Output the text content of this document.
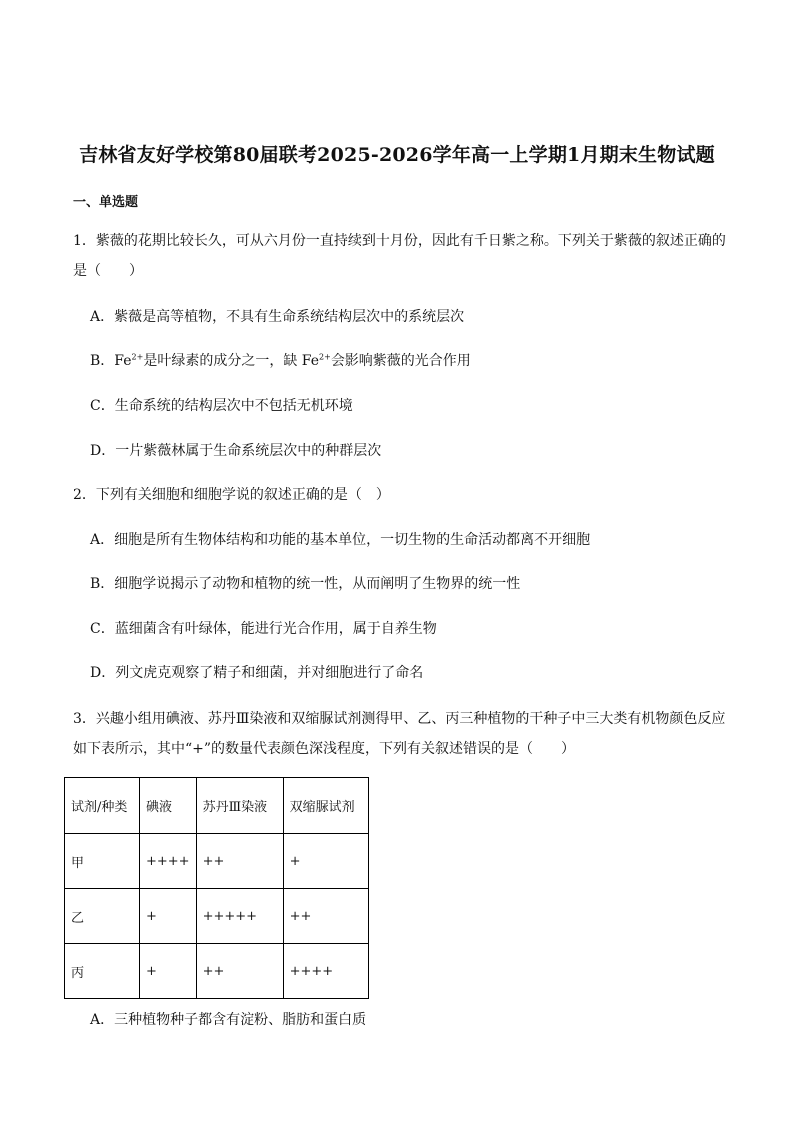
吉林省友好学校第80届联考2025-2026学年高一上学期1月期末生物试题
一、单选题
1．紫薇的花期比较长久，可从六月份一直持续到十月份，因此有千日紫之称。下列关于紫薇的叙述正确的
是（　　）
A．紫薇是高等植物，不具有生命系统结构层次中的系统层次
B．$Fe^{2+}$是叶绿素的成分之一，缺 $Fe^{2+}$会影响紫薇的光合作用
C．生命系统的结构层次中不包括无机环境
D．一片紫薇林属于生命系统层次中的种群层次
2．下列有关细胞和细胞学说的叙述正确的是（　）
A．细胞是所有生物体结构和功能的基本单位，一切生物的生命活动都离不开细胞
B．细胞学说揭示了动物和植物的统一性，从而阐明了生物界的统一性
C．蓝细菌含有叶绿体，能进行光合作用，属于自养生物
D．列文虎克观察了精子和细菌，并对细胞进行了命名
3．兴趣小组用碘液、苏丹Ⅲ染液和双缩脲试剂测得甲、乙、丙三种植物的干种子中三大类有机物颜色反应
如下表所示，其中“+”的数量代表颜色深浅程度，下列有关叙述错误的是（　　）
试剂/种类	碘液	苏丹Ⅲ染液	双缩脲试剂
甲	++++	++	+
乙	+	+++++	++
丙	+	++	++++
A．三种植物种子都含有淀粉、脂肪和蛋白质
